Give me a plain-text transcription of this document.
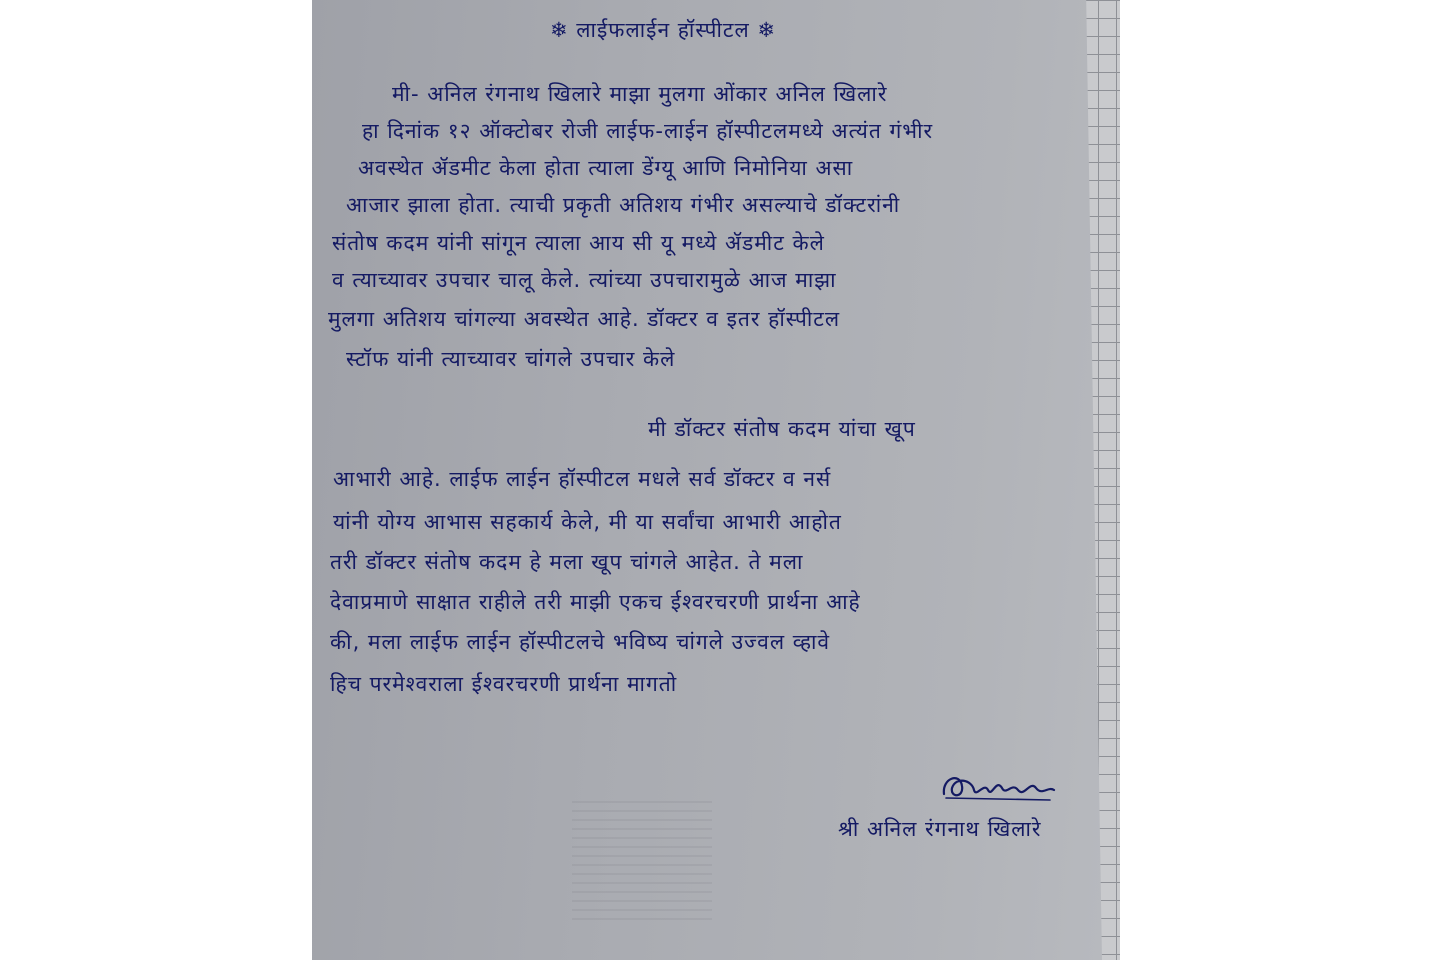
❄ लाईफलाईन हॉस्पीटल ❄
मी- अनिल रंगनाथ खिलारे माझा मुलगा ओंकार अनिल खिलारे
हा दिनांक १२ ऑक्टोबर रोजी लाईफ-लाईन हॉस्पीटलमध्ये अत्यंत गंभीर
अवस्थेत ॲडमीट केला होता त्याला डेंग्यू आणि निमोनिया असा
आजार झाला होता. त्याची प्रकृती अतिशय गंभीर असल्याचे डॉक्टरांनी
संतोष कदम यांनी सांगून त्याला आय सी यू मध्ये ॲडमीट केले
व त्याच्यावर उपचार चालू केले. त्यांच्या उपचारामुळे आज माझा
मुलगा अतिशय चांगल्या अवस्थेत आहे. डॉक्टर व इतर हॉस्पीटल
स्टॉफ यांनी त्याच्यावर चांगले उपचार केले
मी डॉक्टर संतोष कदम यांचा खूप
आभारी आहे. लाईफ लाईन हॉस्पीटल मधले सर्व डॉक्टर व नर्स
यांनी योग्य आभास सहकार्य केले, मी या सर्वांचा आभारी आहोत
तरी डॉक्टर संतोष कदम हे मला खूप चांगले आहेत. ते मला
देवाप्रमाणे साक्षात राहीले तरी माझी एकच ईश्वरचरणी प्रार्थना आहे
की, मला लाईफ लाईन हॉस्पीटलचे भविष्य चांगले उज्वल व्हावे
हिच परमेश्वराला ईश्वरचरणी प्रार्थना मागतो
श्री अनिल रंगनाथ खिलारे
